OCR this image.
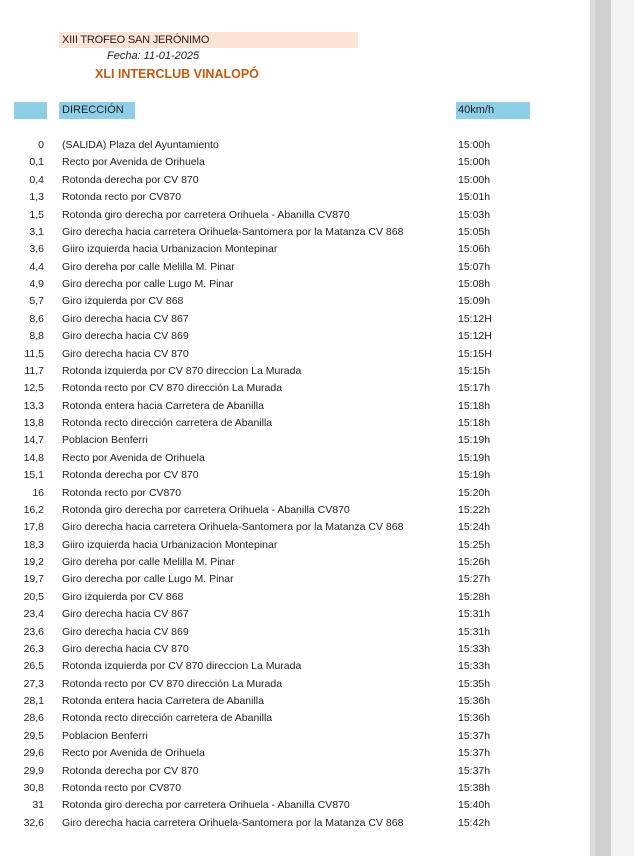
XIII TROFEO SAN JERÓNIMO
Fecha: 11-01-2025
XLI INTERCLUB VINALOPÓ
DIRECCIÓN	40km/h
0 (SALIDA) Plaza del Ayuntamiento	15:00h
0,1 Recto por Avenida de Orihuela	15:00h
0,4 Rotonda derecha por CV 870	15:00h
1,3 Rotonda recto por CV870	15:01h
1,5 Rotonda giro derecha por carretera Orihuela - Abanilla CV870	15:03h
3,1 Giro derecha hacia carretera Orihuela-Santomera por la Matanza CV 868	15:05h
3,6 Giiro izquierda hacia Urbanizacion Montepinar	15:06h
4,4 Giro dereha por calle Melilla M. Pinar	15:07h
4,9 Giro derecha por calle Lugo M. Pinar	15:08h
5,7 Giro izquierda por CV 868	15:09h
8,6 Giro derecha hacia CV 867	15:12H
8,8 Giro derecha hacia CV 869	15:12H
11,5 Giro derecha hacia CV 870	15:15H
11,7 Rotonda izquierda por CV 870 direccion La Murada	15:15h
12,5 Rotonda recto por CV 870 dirección La Murada	15:17h
13,3 Rotonda entera hacia Carretera de Abanilla	15:18h
13,8 Rotonda recto dirección carretera de Abanilla	15:18h
14,7 Poblacion Benferri	15:19h
14,8 Recto por Avenida de Orihuela	15:19h
15,1 Rotonda derecha por CV 870	15:19h
16 Rotonda recto por CV870	15:20h
16,2 Rotonda giro derecha por carretera Orihuela - Abanilla CV870	15:22h
17,8 Giro derecha hacia carretera Orihuela-Santomera por la Matanza CV 868	15:24h
18,3 Giiro izquierda hacia Urbanizacion Montepinar	15:25h
19,2 Giro dereha por calle Melilla M. Pinar	15:26h
19,7 Giro derecha por calle Lugo M. Pinar	15:27h
20,5 Giro izquierda por CV 868	15:28h
23,4 Giro derecha hacia CV 867	15:31h
23,6 Giro derecha hacia CV 869	15:31h
26,3 Giro derecha hacia CV 870	15:33h
26,5 Rotonda izquierda por CV 870 direccion La Murada	15:33h
27,3 Rotonda recto por CV 870 dirección La Murada	15:35h
28,1 Rotonda entera hacia Carretera de Abanilla	15:36h
28,6 Rotonda recto dirección carretera de Abanilla	15:36h
29,5 Poblacion Benferri	15:37h
29,6 Recto por Avenida de Orihuela	15:37h
29,9 Rotonda derecha por CV 870	15:37h
30,8 Rotonda recto por CV870	15:38h
31 Rotonda giro derecha por carretera Orihuela - Abanilla CV870	15:40h
32,6 Giro derecha hacia carretera Orihuela-Santomera por la Matanza CV 868	15:42h
